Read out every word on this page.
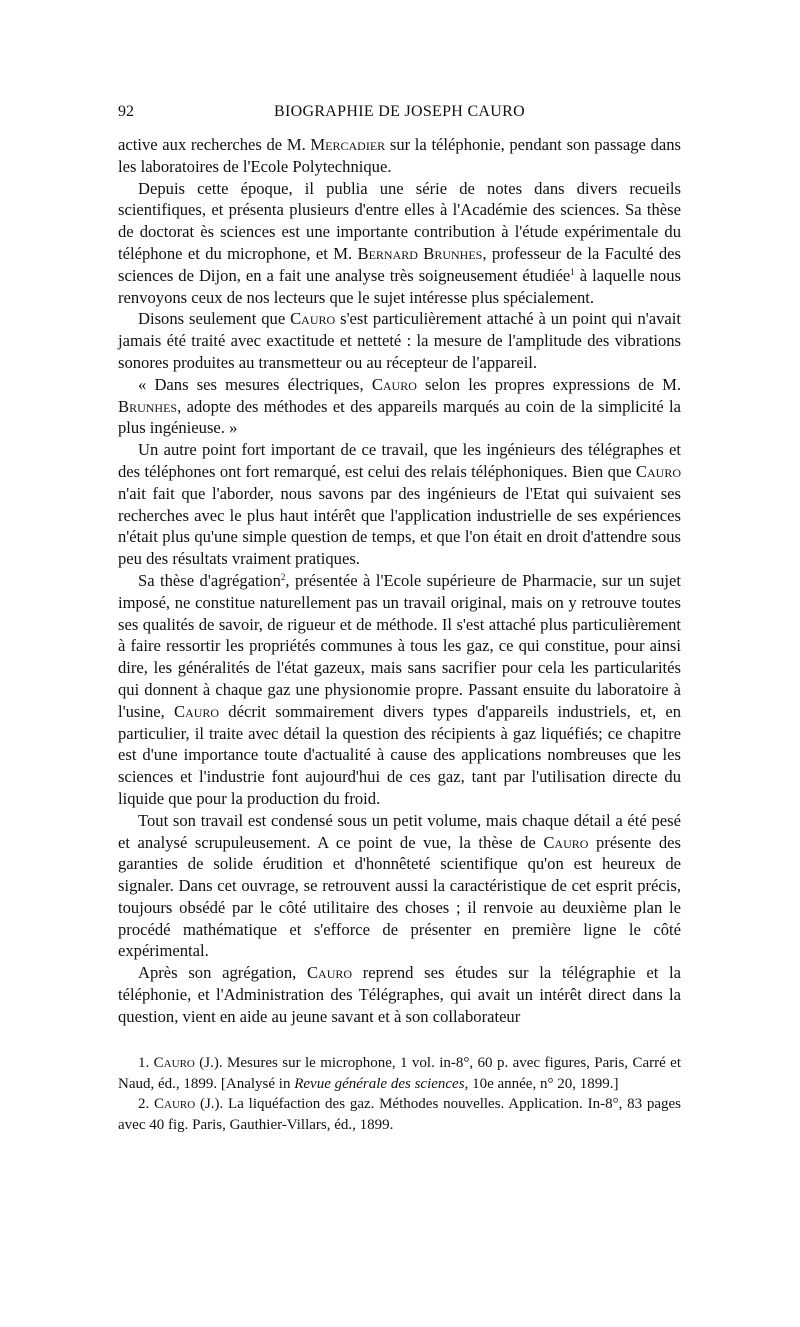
92	BIOGRAPHIE DE JOSEPH CAURO

active aux recherches de M. Mercadier sur la téléphonie, pendant son passage dans les laboratoires de l'Ecole Polytechnique.

Depuis cette époque, il publia une série de notes dans divers recueils scientifiques, et présenta plusieurs d'entre elles à l'Académie des sciences. Sa thèse de doctorat ès sciences est une importante contribution à l'étude expérimentale du téléphone et du microphone, et M. Bernard Brunhes, professeur de la Faculté des sciences de Dijon, en a fait une analyse très soigneusement étudiée$^1$ à laquelle nous renvoyons ceux de nos lecteurs que le sujet intéresse plus spécialement.

Disons seulement que Cauro s'est particulièrement attaché à un point qui n'avait jamais été traité avec exactitude et netteté : la mesure de l'amplitude des vibrations sonores produites au transmetteur ou au récepteur de l'appareil.

« Dans ses mesures électriques, Cauro selon les propres expressions de M. Brunhes, adopte des méthodes et des appareils marqués au coin de la simplicité la plus ingénieuse. »

Un autre point fort important de ce travail, que les ingénieurs des télégraphes et des téléphones ont fort remarqué, est celui des relais téléphoniques. Bien que Cauro n'ait fait que l'aborder, nous savons par des ingénieurs de l'Etat qui suivaient ses recherches avec le plus haut intérêt que l'application industrielle de ses expériences n'était plus qu'une simple question de temps, et que l'on était en droit d'attendre sous peu des résultats vraiment pratiques.

Sa thèse d'agrégation$^2$, présentée à l'Ecole supérieure de Pharmacie, sur un sujet imposé, ne constitue naturellement pas un travail original, mais on y retrouve toutes ses qualités de savoir, de rigueur et de méthode. Il s'est attaché plus particulièrement à faire ressortir les propriétés communes à tous les gaz, ce qui constitue, pour ainsi dire, les généralités de l'état gazeux, mais sans sacrifier pour cela les particularités qui donnent à chaque gaz une physionomie propre. Passant ensuite du laboratoire à l'usine, Cauro décrit sommairement divers types d'appareils industriels, et, en particulier, il traite avec détail la question des récipients à gaz liquéfiés; ce chapitre est d'une importance toute d'actualité à cause des applications nombreuses que les sciences et l'industrie font aujourd'hui de ces gaz, tant par l'utilisation directe du liquide que pour la production du froid.

Tout son travail est condensé sous un petit volume, mais chaque détail a été pesé et analysé scrupuleusement. A ce point de vue, la thèse de Cauro présente des garanties de solide érudition et d'honnêteté scientifique qu'on est heureux de signaler. Dans cet ouvrage, se retrouvent aussi la caractéristique de cet esprit précis, toujours obsédé par le côté utilitaire des choses ; il renvoie au deuxième plan le procédé mathématique et s'efforce de présenter en première ligne le côté expérimental.

Après son agrégation, Cauro reprend ses études sur la télégraphie et la téléphonie, et l'Administration des Télégraphes, qui avait un intérêt direct dans la question, vient en aide au jeune savant et à son collaborateur

1. Cauro (J.). Mesures sur le microphone, 1 vol. in-8°, 60 p. avec figures, Paris, Carré et Naud, éd., 1899. [Analysé in Revue générale des sciences, 10e année, n° 20, 1899.]

2. Cauro (J.). La liquéfaction des gaz. Méthodes nouvelles. Application. In-8°, 83 pages avec 40 fig. Paris, Gauthier-Villars, éd., 1899.
